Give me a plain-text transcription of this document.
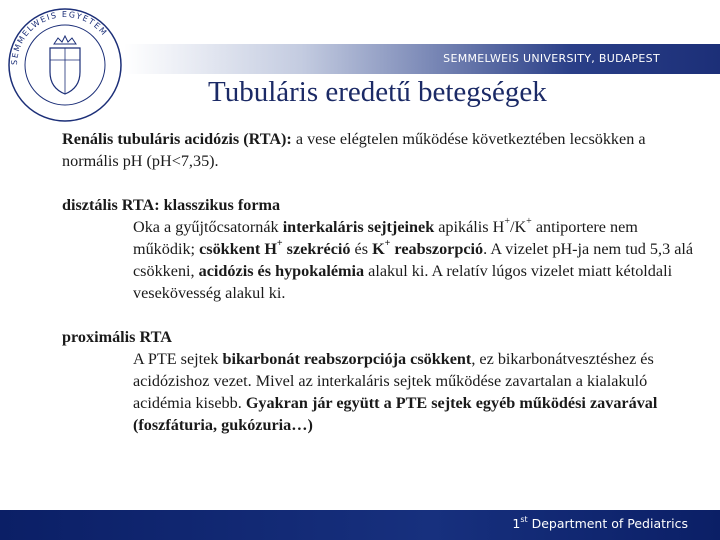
SEMMELWEIS EGYETEM
SEMMELWEIS UNIVERSITY, BUDAPEST
Tubuláris eredetű betegségek

Renális tubuláris acidózis (RTA): a vese elégtelen működése következtében lecsökken a normális pH (pH<7,35).

disztális RTA: klasszikus forma

Oka a gyűjtőcsatornák interkaláris sejtjeinek apikális H+/K+ antiportere nem működik; csökkent H+ szekréció és K+ reabszorpció. A vizelet pH-ja nem tud 5,3 alá csökkeni, acidózis és hypokalémia alakul ki. A relatív lúgos vizelet miatt kétoldali vesekövesség alakul ki.

proximális RTA

A PTE sejtek bikarbonát reabszorpciója csökkent, ez bikarbonátvesztéshez és acidózishoz vezet. Mivel az interkaláris sejtek működése zavartalan a kialakuló acidémia kisebb. Gyakran jár együtt a PTE sejtek egyéb működési zavarával (foszfáturia, gukózuria…)

1st Department of Pediatrics
